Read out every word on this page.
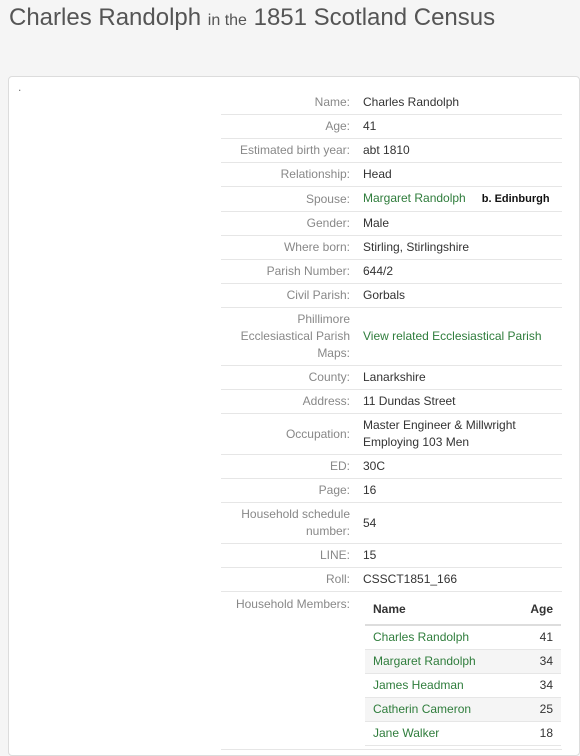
Charles Randolph in the 1851 Scotland Census
.
Name:	Charles Randolph
Age:	41
Estimated birth year:	abt 1810
Relationship:	Head
Spouse:	Margaret Randolph b. Edinburgh
Gender:	Male
Where born:	Stirling, Stirlingshire
Parish Number:	644/2
Civil Parish:	Gorbals
Phillimore
Ecclesiastical Parish
Maps:	View related Ecclesiastical Parish
County:	Lanarkshire
Address:	11 Dundas Street
Occupation:	Master Engineer & Millwright
Employing 103 Men
ED:	30C
Page:	16
Household schedule
number:	54
LINE:	15
Roll:	CSSCT1851_166
Household Members:	Name	Age
Charles Randolph	41
Margaret Randolph	34
James Headman	34
Catherin Cameron	25
Jane Walker	18
